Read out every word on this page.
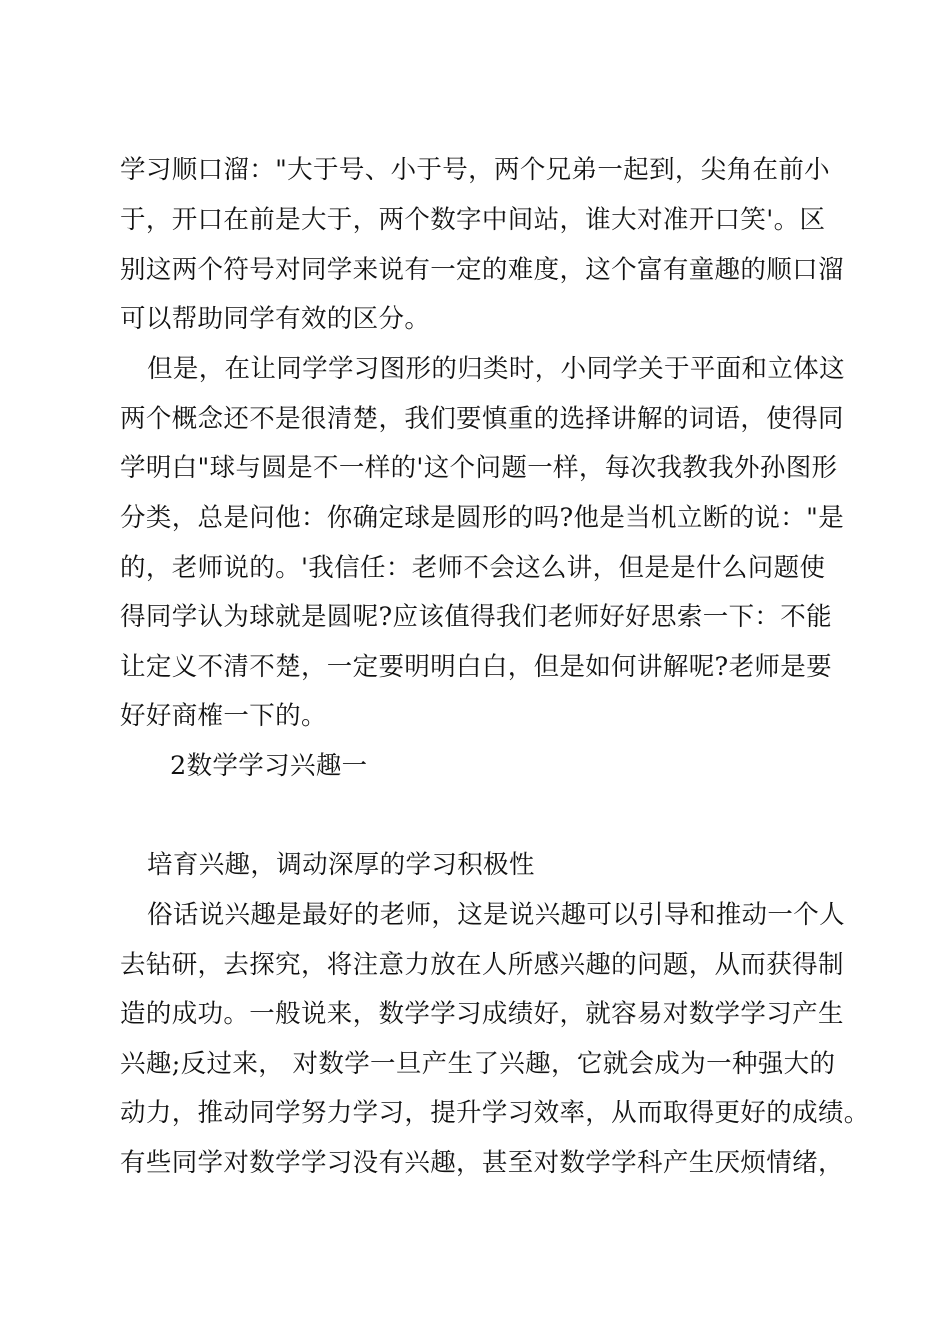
学习顺口溜："大于号、小于号，两个兄弟一起到，尖角在前小

于，开口在前是大于，两个数字中间站，谁大对准开口笑'。区

别这两个符号对同学来说有一定的难度，这个富有童趣的顺口溜

可以帮助同学有效的区分。

但是，在让同学学习图形的归类时，小同学关于平面和立体这

两个概念还不是很清楚，我们要慎重的选择讲解的词语，使得同

学明白"球与圆是不一样的'这个问题一样，每次我教我外孙图形

分类，总是问他：你确定球是圆形的吗?他是当机立断的说："是

的，老师说的。'我信任：老师不会这么讲，但是是什么问题使

得同学认为球就是圆呢?应该值得我们老师好好思索一下：不能

让定义不清不楚，一定要明明白白，但是如何讲解呢?老师是要

好好商榷一下的。

2数学学习兴趣一

培育兴趣，调动深厚的学习积极性

俗话说兴趣是最好的老师，这是说兴趣可以引导和推动一个人

去钻研，去探究，将注意力放在人所感兴趣的问题，从而获得制

造的成功。一般说来，数学学习成绩好，就容易对数学学习产生

兴趣;反过来， 对数学一旦产生了兴趣，它就会成为一种强大的

动力，推动同学努力学习，提升学习效率，从而取得更好的成绩。

有些同学对数学学习没有兴趣，甚至对数学学科产生厌烦情绪，
